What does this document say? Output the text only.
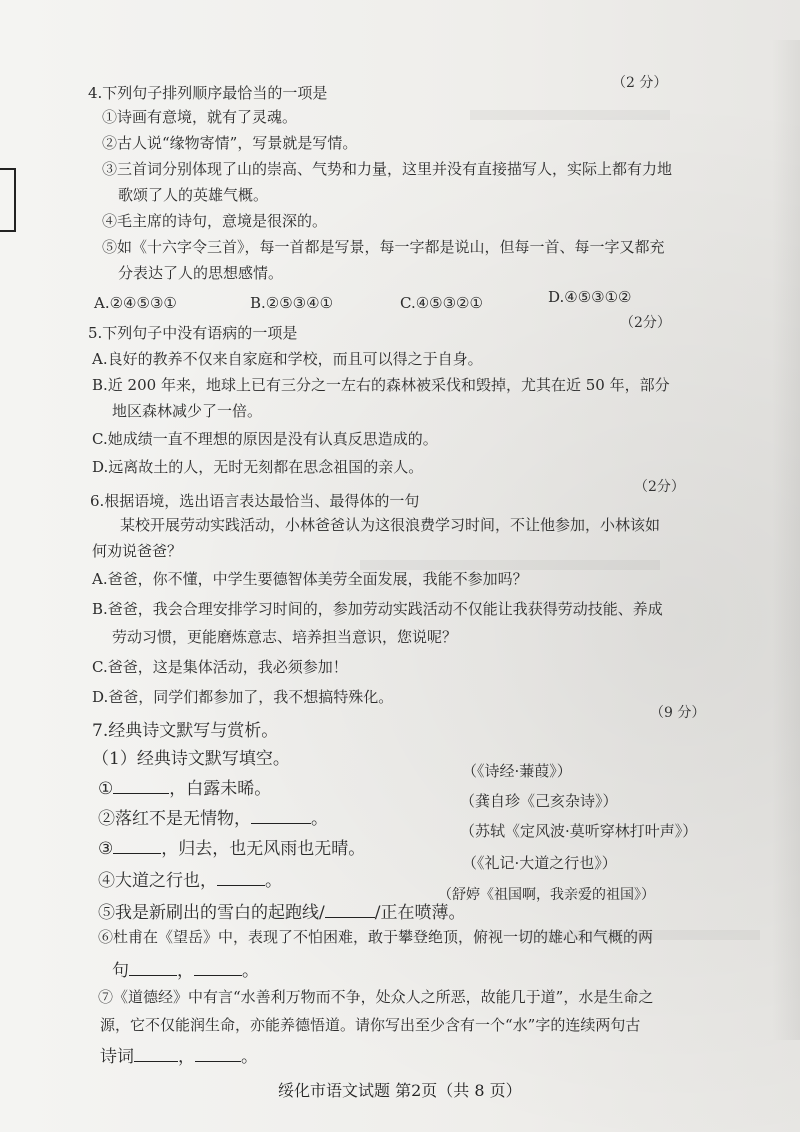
4.下列句子排列顺序最恰当的一项是
（2 分）
①诗画有意境，就有了灵魂。
②古人说“缘物寄情”，写景就是写情。
③三首词分别体现了山的崇高、气势和力量，这里并没有直接描写人，实际上都有力地
歌颂了人的英雄气概。
④毛主席的诗句，意境是很深的。
⑤如《十六字令三首》，每一首都是写景，每一字都是说山，但每一首、每一字又都充
分表达了人的思想感情。
A.②④⑤③①	B.②⑤③④①	C.④⑤③②①	D.④⑤③①②
5.下列句子中没有语病的一项是
（2分）
A.良好的教养不仅来自家庭和学校，而且可以得之于自身。
B.近 200 年来，地球上已有三分之一左右的森林被采伐和毁掉，尤其在近 50 年，部分
地区森林减少了一倍。
C.她成绩一直不理想的原因是没有认真反思造成的。
D.远离故土的人，无时无刻都在思念祖国的亲人。
6.根据语境，选出语言表达最恰当、最得体的一句
（2分）
某校开展劳动实践活动，小林爸爸认为这很浪费学习时间，不让他参加，小林该如
何劝说爸爸？
A.爸爸，你不懂，中学生要德智体美劳全面发展，我能不参加吗？
B.爸爸，我会合理安排学习时间的，参加劳动实践活动不仅能让我获得劳动技能、养成
劳动习惯，更能磨炼意志、培养担当意识，您说呢？
C.爸爸，这是集体活动，我必须参加！
D.爸爸，同学们都参加了，我不想搞特殊化。
7.经典诗文默写与赏析。
（9 分）
（1）经典诗文默写填空。
①	，白露未晞。
（《诗经·蒹葭》）
②落红不是无情物，	。
（龚自珍《己亥杂诗》）
③	，归去，也无风雨也无晴。
（苏轼《定风波·莫听穿林打叶声》）
④大道之行也，	。
（《礼记·大道之行也》）
⑤我是新刷出的雪白的起跑线/	/正在喷薄。
（舒婷《祖国啊，我亲爱的祖国》）
⑥杜甫在《望岳》中，表现了不怕困难，敢于攀登绝顶，俯视一切的雄心和气概的两
句	，	。
⑦《道德经》中有言“水善利万物而不争，处众人之所恶，故能几于道”，水是生命之
源，它不仅能润生命，亦能养德悟道。请你写出至少含有一个“水”字的连续两句古
诗词	，	。
绥化市语文试题 第2页（共 8 页）
